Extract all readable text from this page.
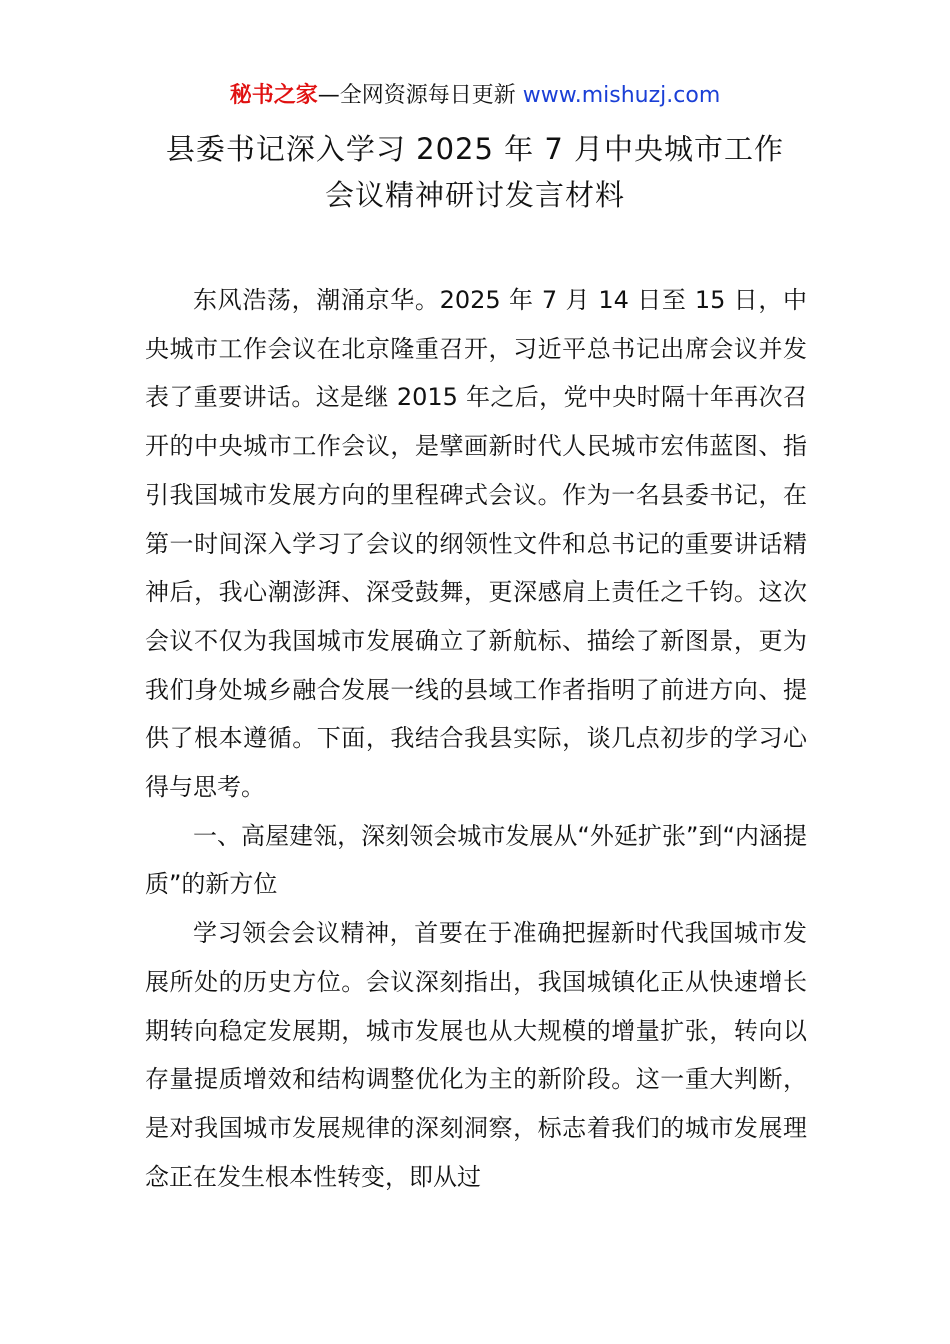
秘书之家—全网资源每日更新 www.mishuzj.com
县委书记深入学习 2025 年 7 月中央城市工作
会议精神研讨发言材料

东风浩荡，潮涌京华。2025 年 7 月 14 日至 15 日，中央城市工作会议在北京隆重召开，习近平总书记出席会议并发表了重要讲话。这是继 2015 年之后，党中央时隔十年再次召开的中央城市工作会议，是擘画新时代人民城市宏伟蓝图、指引我国城市发展方向的里程碑式会议。作为一名县委书记，在第一时间深入学习了会议的纲领性文件和总书记的重要讲话精神后，我心潮澎湃、深受鼓舞，更深感肩上责任之千钧。这次会议不仅为我国城市发展确立了新航标、描绘了新图景，更为我们身处城乡融合发展一线的县域工作者指明了前进方向、提供了根本遵循。下面，我结合我县实际，谈几点初步的学习心得与思考。

一、高屋建瓴，深刻领会城市发展从“外延扩张”到“内涵提质”的新方位

学习领会会议精神，首要在于准确把握新时代我国城市发展所处的历史方位。会议深刻指出，我国城镇化正从快速增长期转向稳定发展期，城市发展也从大规模的增量扩张，转向以存量提质增效和结构调整优化为主的新阶段。这一重大判断，是对我国城市发展规律的深刻洞察，标志着我们的城市发展理念正在发生根本性转变，即从过
